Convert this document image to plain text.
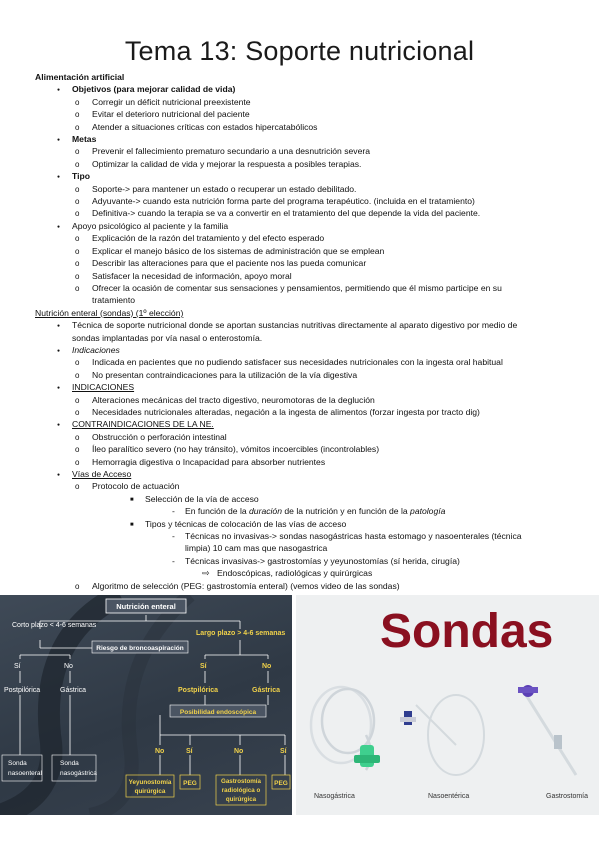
Tema 13: Soporte nutricional
Alimentación artificial
●
Objetivos (para mejorar calidad de vida)
o
Corregir un déficit nutricional preexistente
o
Evitar el deterioro nutricional del paciente
o
Atender a situaciones críticas con estados hipercatabólicos
●
Metas
o
Prevenir el fallecimiento prematuro secundario a una desnutrición severa
o
Optimizar la calidad de vida y mejorar la respuesta a posibles terapias.
●
Tipo
o
Soporte-> para mantener un estado o recuperar un estado debilitado.
o
Adyuvante-> cuando esta nutrición forma parte del programa terapéutico. (incluida en el tratamiento)
o
Definitiva-> cuando la terapia se va a convertir en el tratamiento del que depende la vida del paciente.
●
Apoyo psicológico al paciente y la familia
o
Explicación de la razón del tratamiento y del efecto esperado
o
Explicar el manejo básico de los sistemas de administración que se emplean
o
Describir las alteraciones para que el paciente nos las pueda comunicar
o
Satisfacer la necesidad de información, apoyo moral
o
Ofrecer la ocasión de comentar sus sensaciones y pensamientos, permitiendo que él mismo participe en su
tratamiento
Nutrición enteral (sondas) (1º elección)
●
Técnica de soporte nutricional donde se aportan sustancias nutritivas directamente al aparato digestivo por medio de
sondas implantadas por vía nasal o enterostomía.
●
Indicaciones
o
Indicada en pacientes que no pudiendo satisfacer sus necesidades nutricionales con la ingesta oral habitual
o
No presentan contraindicaciones para la utilización de la vía digestiva
●
INDICACIONES
o
Alteraciones mecánicas del tracto digestivo, neuromotoras de la deglución
o
Necesidades nutricionales alteradas, negación a la ingesta de alimentos (forzar ingesta por tracto dig)
●
CONTRAINDICACIONES DE LA NE.
o
Obstrucción o perforación intestinal
o
Íleo paralítico severo (no hay tránsito), vómitos incoercibles (incontrolables)
o
Hemorragia digestiva o Incapacidad para absorber nutrientes
●
Vías de Acceso
o
Protocolo de actuación
■
Selección de la vía de acceso
-
En función de la duración de la nutrición y en función de la patología
■
Tipos y técnicas de colocación de las vías de acceso
-
Técnicas no invasivas-> sondas nasogástricas hasta estomago y nasoenterales (técnica
limpia) 10 cam mas que nasogastrica
-
Técnicas invasivas-> gastrostomías y yeyunostomías (sí herida, cirugía)
⇨
Endoscópicas, radiológicas y quirúrgicas
o
Algoritmo de selección (PEG: gastrostomía enteral) (vemos video de las sondas)
Nutrición enteral
Corto plazo < 4-6 semanas
Largo plazo > 4-6 semanas
Riesgo de broncoaspiración
Sí	No	Sí	No
Postpilórica	Gástrica	Postpilórica	Gástrica
Posibilidad endoscópica
No	Sí	No	Sí
Sonda
nasoenteral
Sonda
nasogástrica
Yeyunostomía
quirúrgica
PEG	Gastrostomía
radiológica o
quirúrgica
PEG
Sondas
Nasogástrica	Nasoentérica	Gastrostomía
